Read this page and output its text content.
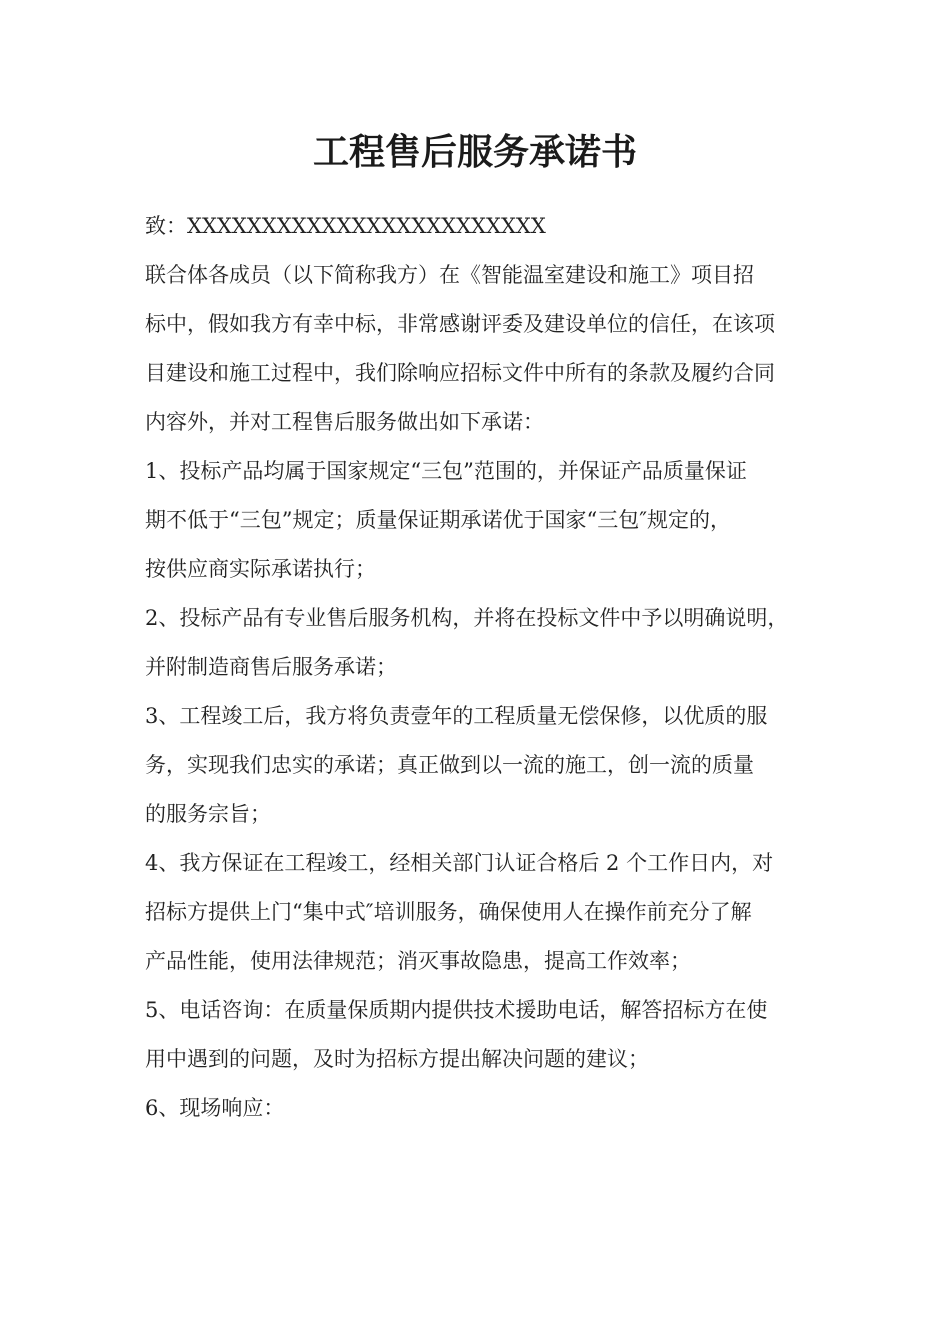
工程售后服务承诺书

致：XXXXXXXXXXXXXXXXXXXXXXXX

联合体各成员（以下简称我方）在《智能温室建设和施工》项目招

标中，假如我方有幸中标，非常感谢评委及建设单位的信任，在该项

目建设和施工过程中，我们除响应招标文件中所有的条款及履约合同

内容外，并对工程售后服务做出如下承诺：

1、投标产品均属于国家规定“三包”范围的，并保证产品质量保证

期不低于“三包”规定；质量保证期承诺优于国家“三包″规定的，

按供应商实际承诺执行；

2、投标产品有专业售后服务机构，并将在投标文件中予以明确说明，

并附制造商售后服务承诺；

3、工程竣工后，我方将负责壹年的工程质量无偿保修，以优质的服

务，实现我们忠实的承诺；真正做到以一流的施工，创一流的质量

的服务宗旨；

4、我方保证在工程竣工，经相关部门认证合格后 2 个工作日内，对

招标方提供上门“集中式″培训服务，确保使用人在操作前充分了解

产品性能，使用法律规范；消灭事故隐患，提高工作效率；

5、电话咨询：在质量保质期内提供技术援助电话，解答招标方在使

用中遇到的问题，及时为招标方提出解决问题的建议；

6、现场响应：
